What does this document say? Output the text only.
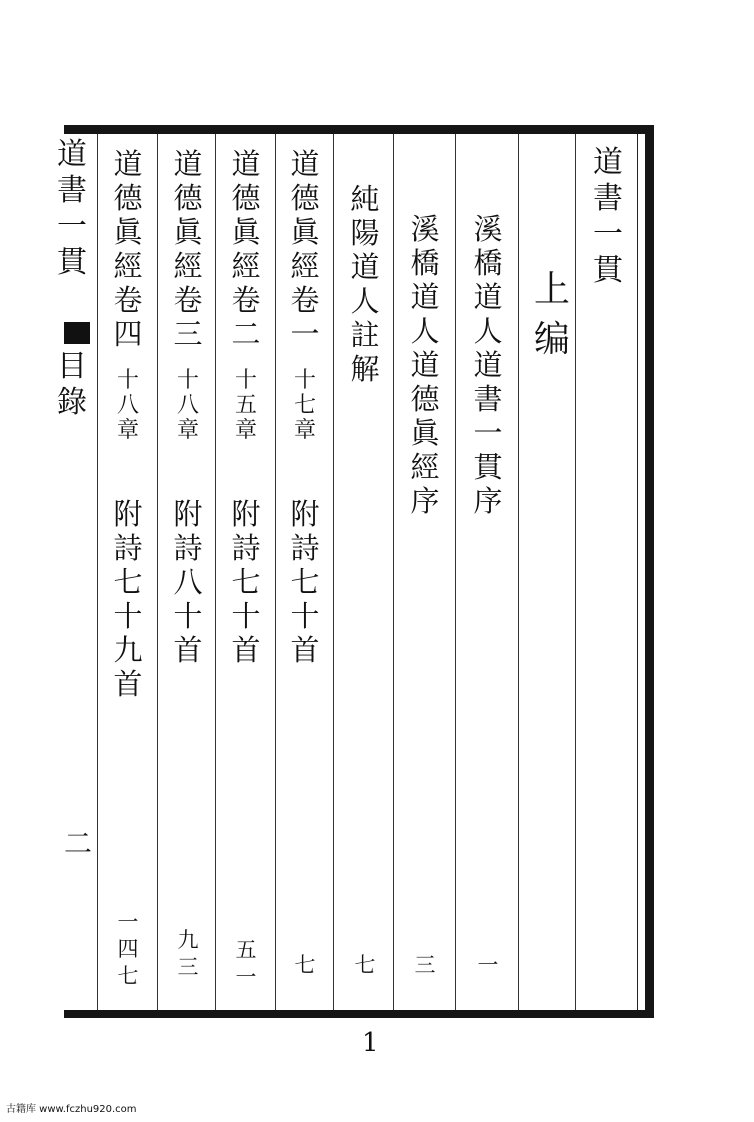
道
書
一
貫
上
编
溪
橋
道
人
道
書
一
貫
序
一
溪
橋
道
人
道
德
眞
經
序
三
純
陽
道
人
註
解
七
道
德
眞
經
卷
一
十
七
章
附
詩
七
十
首
七
道
德
眞
經
卷
二
十
五
章
附
詩
七
十
首
五
一
道
德
眞
經
卷
三
十
八
章
附
詩
八
十
首
九
三
道
德
眞
經
卷
四
十
八
章
附
詩
七
十
九
首
一
四
七
道
書
一
貫
目
錄
二
1
古籍库 www.fczhu920.com
